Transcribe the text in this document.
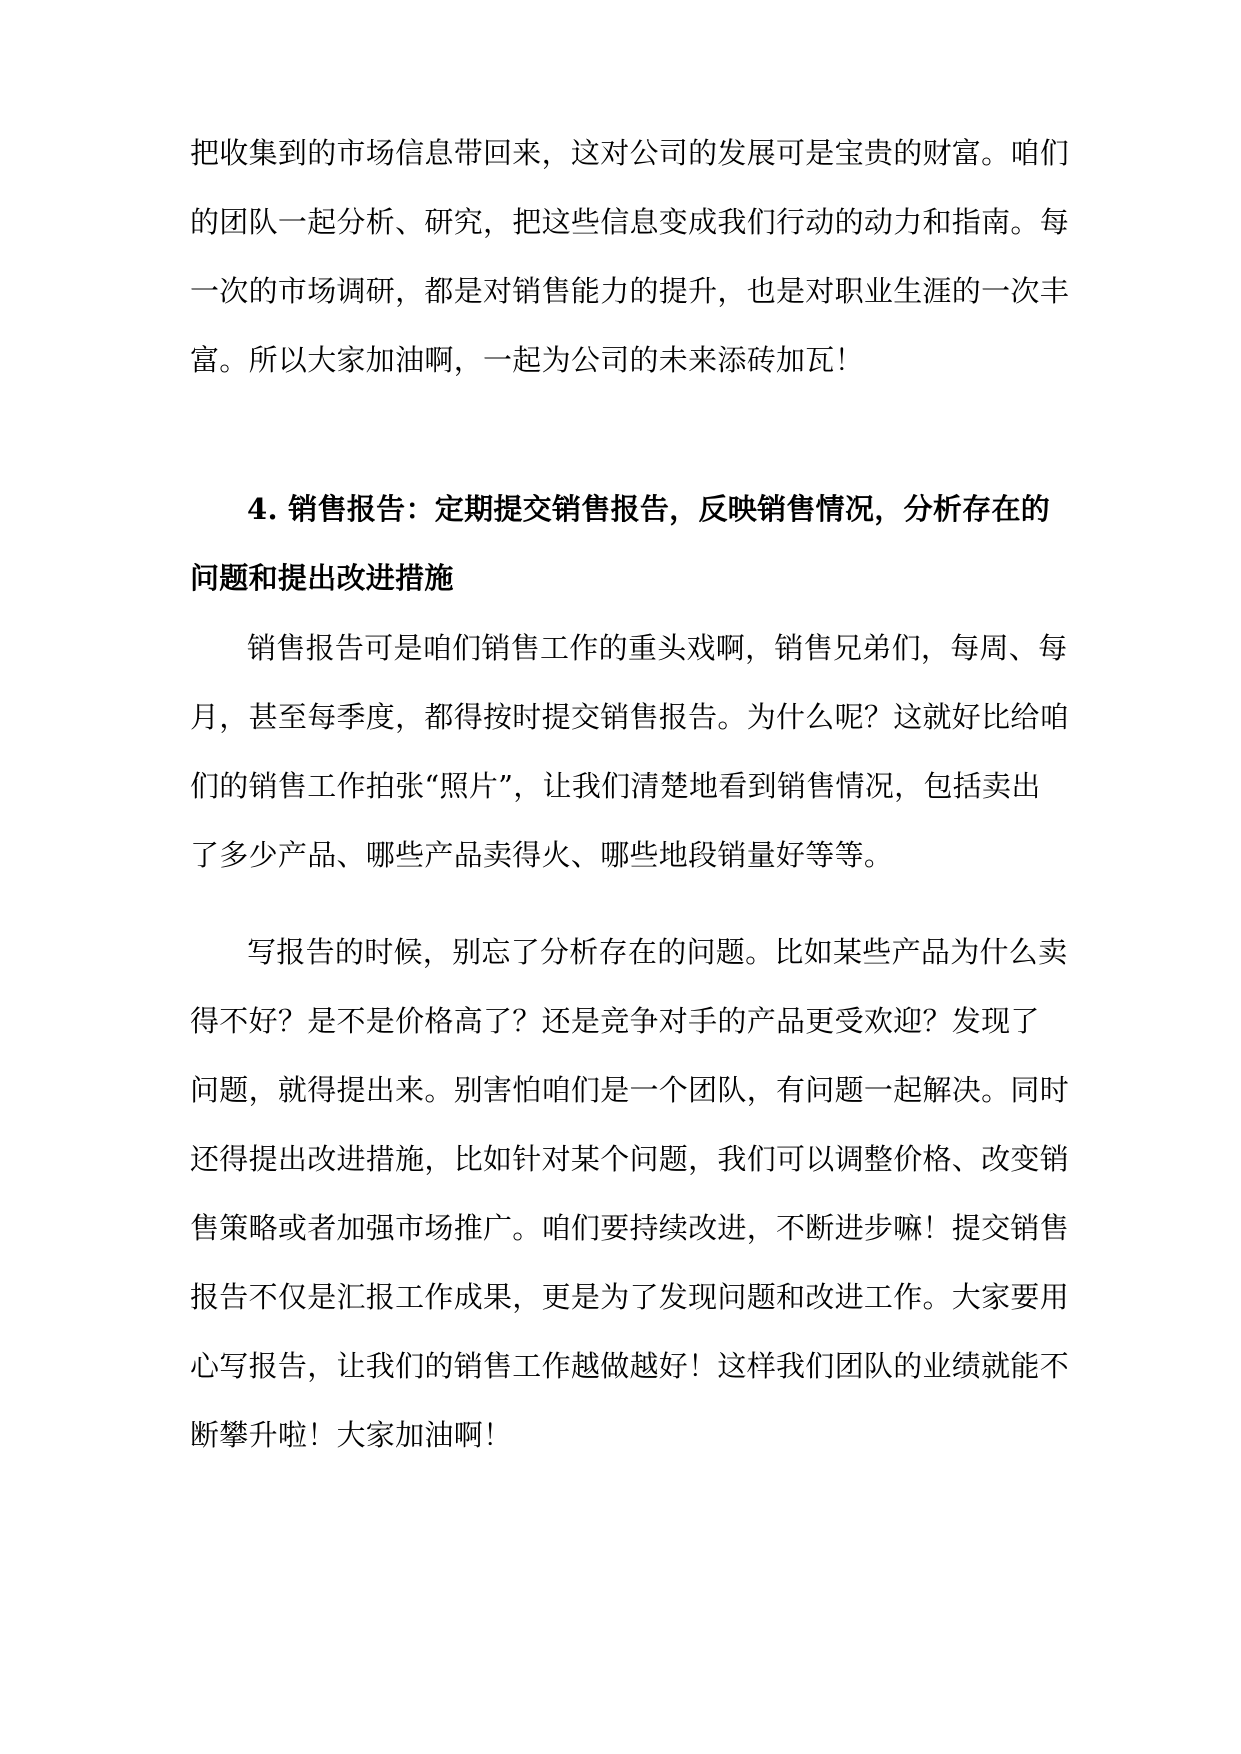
把收集到的市场信息带回来，这对公司的发展可是宝贵的财富。咱们
的团队一起分析、研究，把这些信息变成我们行动的动力和指南。每
一次的市场调研，都是对销售能力的提升，也是对职业生涯的一次丰
富。所以大家加油啊，一起为公司的未来添砖加瓦！
4. 销售报告：定期提交销售报告，反映销售情况，分析存在的
问题和提出改进措施
销售报告可是咱们销售工作的重头戏啊，销售兄弟们，每周、每
月，甚至每季度，都得按时提交销售报告。为什么呢？这就好比给咱
们的销售工作拍张“照片”，让我们清楚地看到销售情况，包括卖出
了多少产品、哪些产品卖得火、哪些地段销量好等等。
写报告的时候，别忘了分析存在的问题。比如某些产品为什么卖
得不好？是不是价格高了？还是竞争对手的产品更受欢迎？发现了
问题，就得提出来。别害怕咱们是一个团队，有问题一起解决。同时
还得提出改进措施，比如针对某个问题，我们可以调整价格、改变销
售策略或者加强市场推广。咱们要持续改进，不断进步嘛！提交销售
报告不仅是汇报工作成果，更是为了发现问题和改进工作。大家要用
心写报告，让我们的销售工作越做越好！这样我们团队的业绩就能不
断攀升啦！大家加油啊！
